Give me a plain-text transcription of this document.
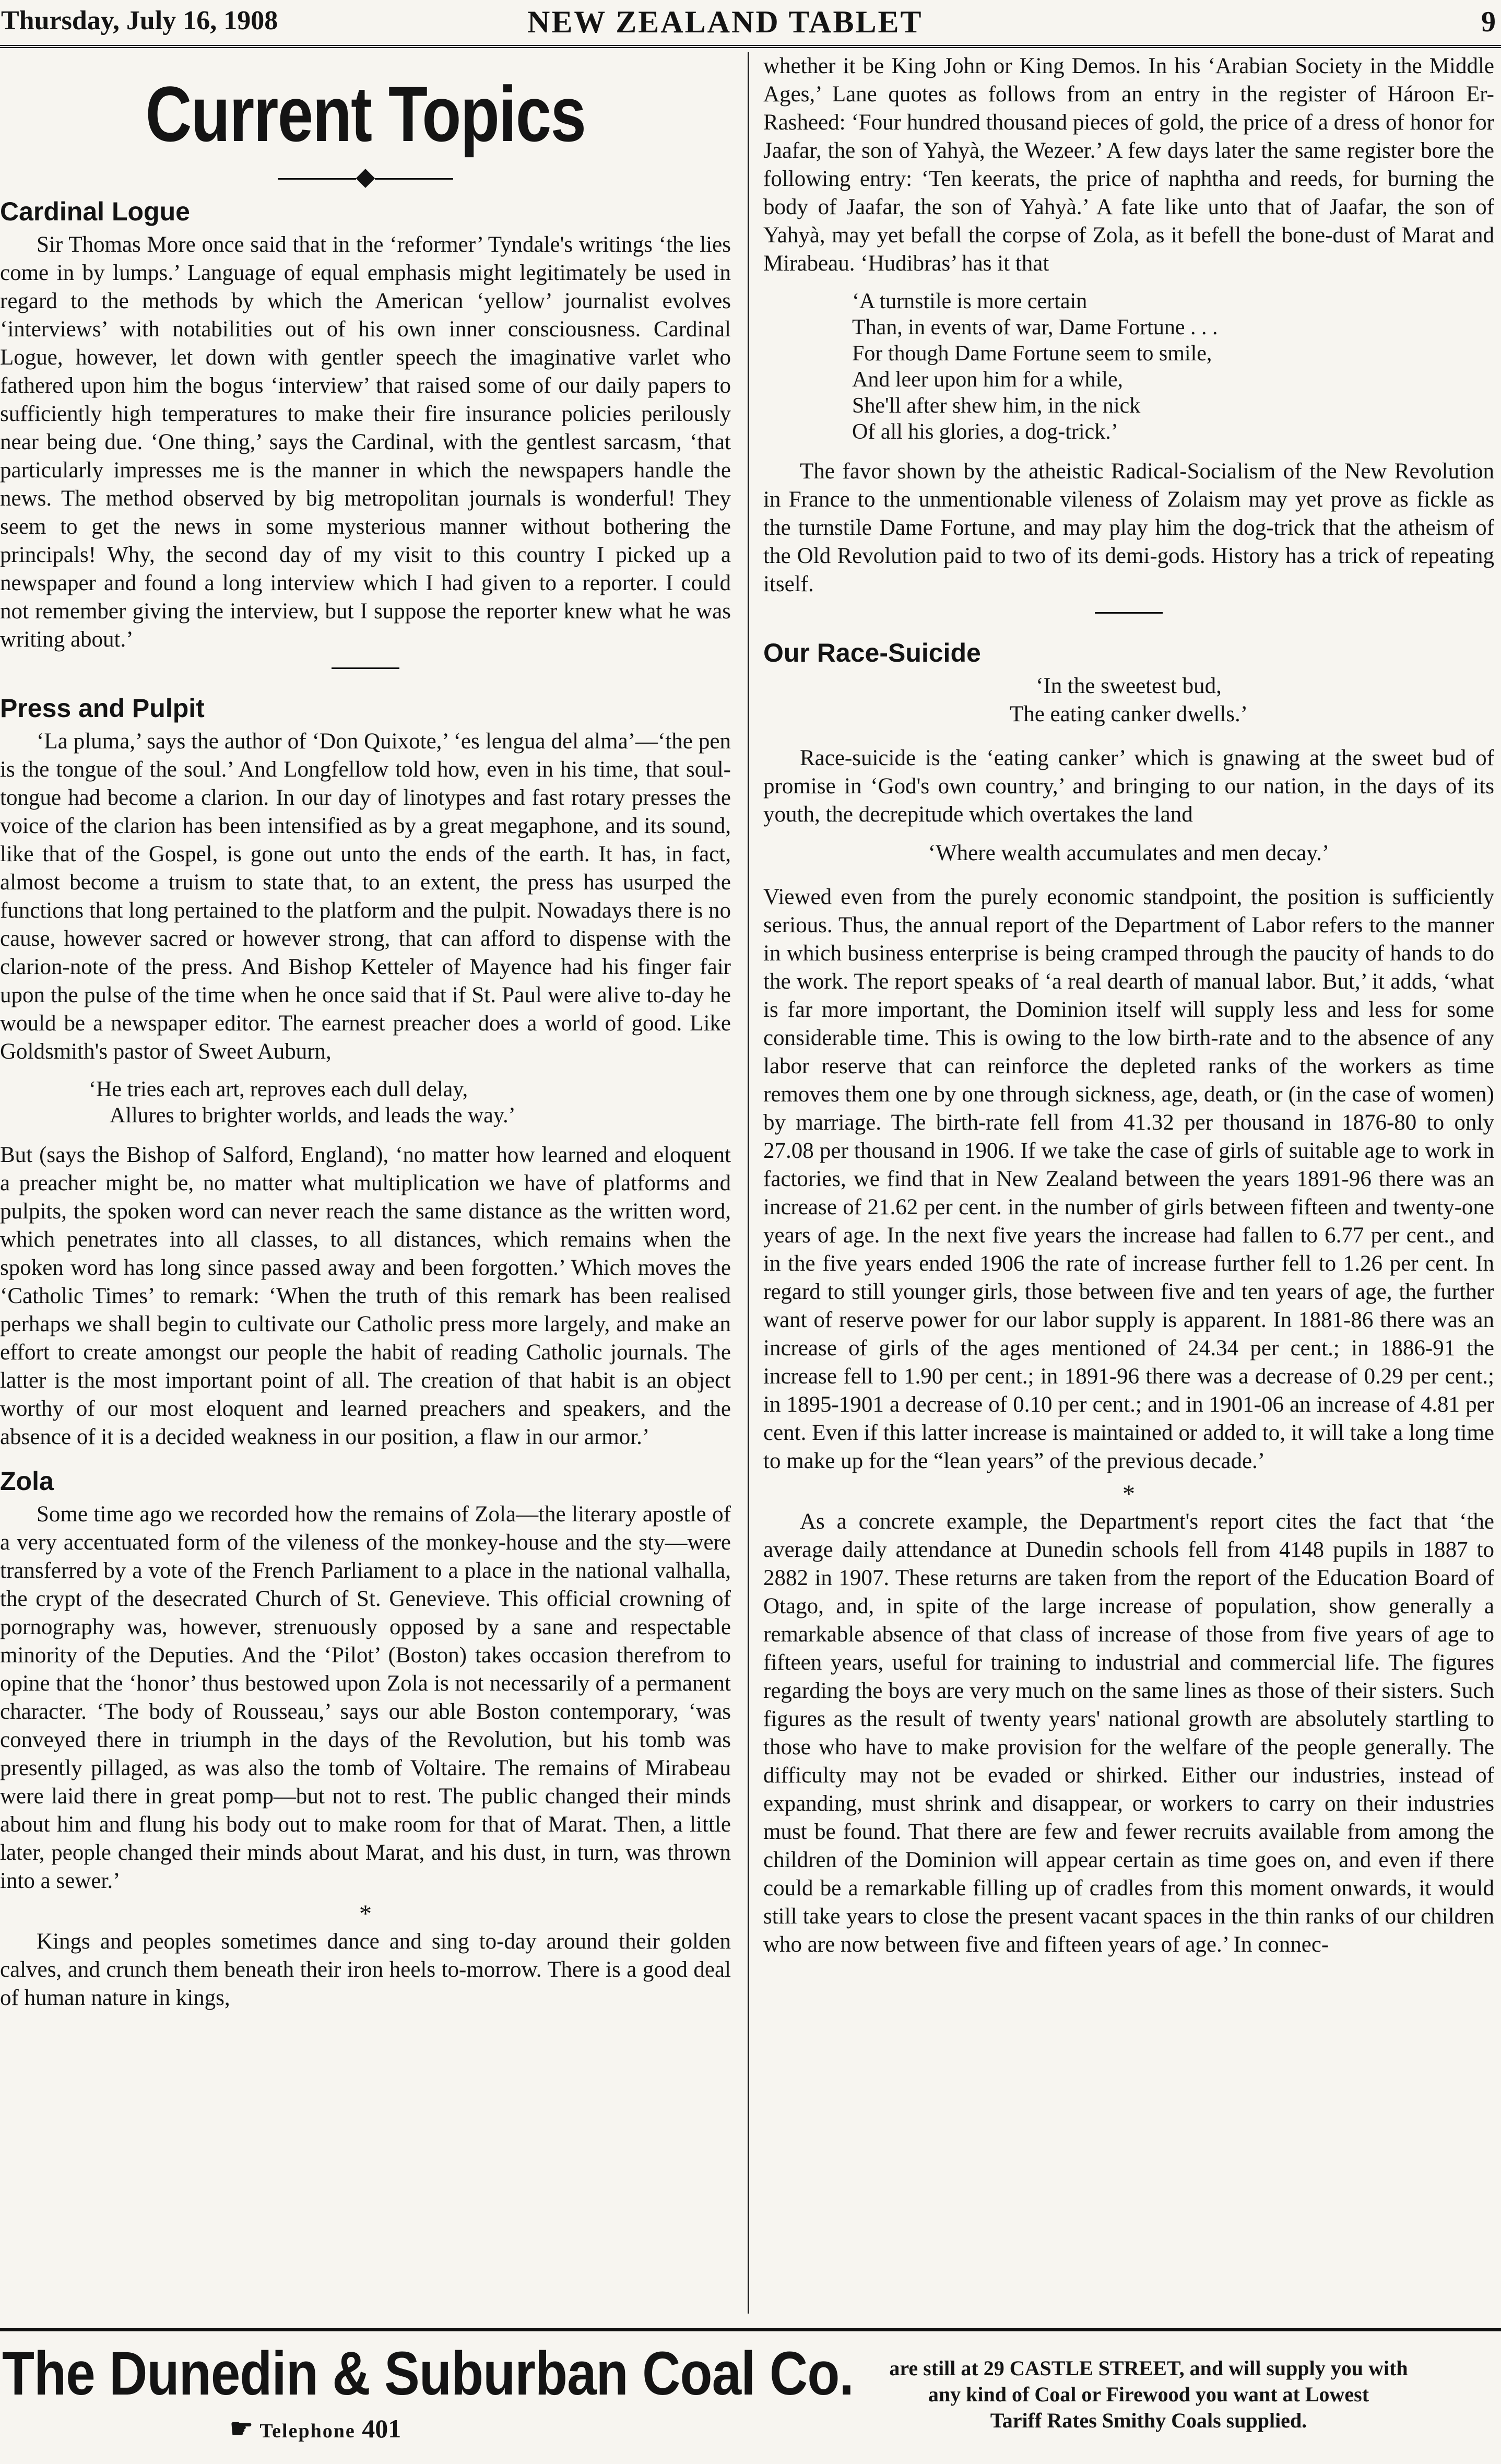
Thursday, July 16, 1908	NEW ZEALAND TABLET	9
Current Topics
◆
Cardinal Logue

Sir Thomas More once said that in the ‘reformer’ Tyndale's writings ‘the lies come in by lumps.’ Language of equal emphasis might legitimately be used in regard to the methods by which the American ‘yellow’ journalist evolves ‘interviews’ with notabilities out of his own inner consciousness. Cardinal Logue, however, let down with gentler speech the imaginative varlet who fathered upon him the bogus ‘interview’ that raised some of our daily papers to sufficiently high temperatures to make their fire insurance policies perilously near being due. ‘One thing,’ says the Cardinal, with the gentlest sarcasm, ‘that particularly impresses me is the manner in which the newspapers handle the news. The method observed by big metropolitan journals is wonderful! They seem to get the news in some mysterious manner without bothering the principals! Why, the second day of my visit to this country I picked up a newspaper and found a long interview which I had given to a reporter. I could not remember giving the interview, but I suppose the reporter knew what he was writing about.’

Press and Pulpit

‘La pluma,’ says the author of ‘Don Quixote,’ ‘es lengua del alma’—‘the pen is the tongue of the soul.’ And Longfellow told how, even in his time, that soul-tongue had become a clarion. In our day of linotypes and fast rotary presses the voice of the clarion has been intensified as by a great megaphone, and its sound, like that of the Gospel, is gone out unto the ends of the earth. It has, in fact, almost become a truism to state that, to an extent, the press has usurped the functions that long pertained to the platform and the pulpit. Nowadays there is no cause, however sacred or however strong, that can afford to dispense with the clarion-note of the press. And Bishop Ketteler of Mayence had his finger fair upon the pulse of the time when he once said that if St. Paul were alive to-day he would be a newspaper editor. The earnest preacher does a world of good. Like Goldsmith's pastor of Sweet Auburn,

‘He tries each art, reproves each dull delay,
Allures to brighter worlds, and leads the way.’

But (says the Bishop of Salford, England), ‘no matter how learned and eloquent a preacher might be, no matter what multiplication we have of platforms and pulpits, the spoken word can never reach the same distance as the written word, which penetrates into all classes, to all distances, which remains when the spoken word has long since passed away and been forgotten.’ Which moves the ‘Catholic Times’ to remark: ‘When the truth of this remark has been realised perhaps we shall begin to cultivate our Catholic press more largely, and make an effort to create amongst our people the habit of reading Catholic journals. The latter is the most important point of all. The creation of that habit is an object worthy of our most eloquent and learned preachers and speakers, and the absence of it is a decided weakness in our position, a flaw in our armor.’

Zola

Some time ago we recorded how the remains of Zola—the literary apostle of a very accentuated form of the vileness of the monkey-house and the sty—were transferred by a vote of the French Parliament to a place in the national valhalla, the crypt of the desecrated Church of St. Genevieve. This official crowning of pornography was, however, strenuously opposed by a sane and respectable minority of the Deputies. And the ‘Pilot’ (Boston) takes occasion therefrom to opine that the ‘honor’ thus bestowed upon Zola is not necessarily of a permanent character. ‘The body of Rousseau,’ says our able Boston contemporary, ‘was conveyed there in triumph in the days of the Revolution, but his tomb was presently pillaged, as was also the tomb of Voltaire. The remains of Mirabeau were laid there in great pomp—but not to rest. The public changed their minds about him and flung his body out to make room for that of Marat. Then, a little later, people changed their minds about Marat, and his dust, in turn, was thrown into a sewer.’

*

Kings and peoples sometimes dance and sing to-day around their golden calves, and crunch them beneath their iron heels to-morrow. There is a good deal of human nature in kings,

whether it be King John or King Demos. In his ‘Arabian Society in the Middle Ages,’ Lane quotes as follows from an entry in the register of Hároon Er-Rasheed: ‘Four hundred thousand pieces of gold, the price of a dress of honor for Jaafar, the son of Yahyà, the Wezeer.’ A few days later the same register bore the following entry: ‘Ten keerats, the price of naphtha and reeds, for burning the body of Jaafar, the son of Yahyà.’ A fate like unto that of Jaafar, the son of Yahyà, may yet befall the corpse of Zola, as it befell the bone-dust of Marat and Mirabeau. ‘Hudibras’ has it that

‘A turnstile is more certain
Than, in events of war, Dame Fortune . . .
For though Dame Fortune seem to smile,
And leer upon him for a while,
She'll after shew him, in the nick
Of all his glories, a dog-trick.’

The favor shown by the atheistic Radical-Socialism of the New Revolution in France to the unmentionable vileness of Zolaism may yet prove as fickle as the turnstile Dame Fortune, and may play him the dog-trick that the atheism of the Old Revolution paid to two of its demi-gods. History has a trick of repeating itself.

Our Race-Suicide
‘In the sweetest bud,
The eating canker dwells.’

Race-suicide is the ‘eating canker’ which is gnawing at the sweet bud of promise in ‘God's own country,’ and bringing to our nation, in the days of its youth, the decrepitude which overtakes the land

‘Where wealth accumulates and men decay.’

Viewed even from the purely economic standpoint, the position is sufficiently serious. Thus, the annual report of the Department of Labor refers to the manner in which business enterprise is being cramped through the paucity of hands to do the work. The report speaks of ‘a real dearth of manual labor. But,’ it adds, ‘what is far more important, the Dominion itself will supply less and less for some considerable time. This is owing to the low birth-rate and to the absence of any labor reserve that can reinforce the depleted ranks of the workers as time removes them one by one through sickness, age, death, or (in the case of women) by marriage. The birth-rate fell from 41.32 per thousand in 1876-80 to only 27.08 per thousand in 1906. If we take the case of girls of suitable age to work in factories, we find that in New Zealand between the years 1891-96 there was an increase of 21.62 per cent. in the number of girls between fifteen and twenty-one years of age. In the next five years the increase had fallen to 6.77 per cent., and in the five years ended 1906 the rate of increase further fell to 1.26 per cent. In regard to still younger girls, those between five and ten years of age, the further want of reserve power for our labor supply is apparent. In 1881-86 there was an increase of girls of the ages mentioned of 24.34 per cent.; in 1886-91 the increase fell to 1.90 per cent.; in 1891-96 there was a decrease of 0.29 per cent.; in 1895-1901 a decrease of 0.10 per cent.; and in 1901-06 an increase of 4.81 per cent. Even if this latter increase is maintained or added to, it will take a long time to make up for the “lean years” of the previous decade.’

*

As a concrete example, the Department's report cites the fact that ‘the average daily attendance at Dunedin schools fell from 4148 pupils in 1887 to 2882 in 1907. These returns are taken from the report of the Education Board of Otago, and, in spite of the large increase of population, show generally a remarkable absence of that class of increase of those from five years of age to fifteen years, useful for training to industrial and commercial life. The figures regarding the boys are very much on the same lines as those of their sisters. Such figures as the result of twenty years' national growth are absolutely startling to those who have to make provision for the welfare of the people generally. The difficulty may not be evaded or shirked. Either our industries, instead of expanding, must shrink and disappear, or workers to carry on their industries must be found. That there are few and fewer recruits available from among the children of the Dominion will appear certain as time goes on, and even if there could be a remarkable filling up of cradles from this moment onwards, it would still take years to close the present vacant spaces in the thin ranks of our children who are now between five and fifteen years of age.’ In connec-

The Dunedin & Suburban Coal Co.
☛ Telephone 401
are still at 29 CASTLE STREET, and will supply you with
any kind of Coal or Firewood you want at Lowest
Tariff Rates Smithy Coals supplied.
